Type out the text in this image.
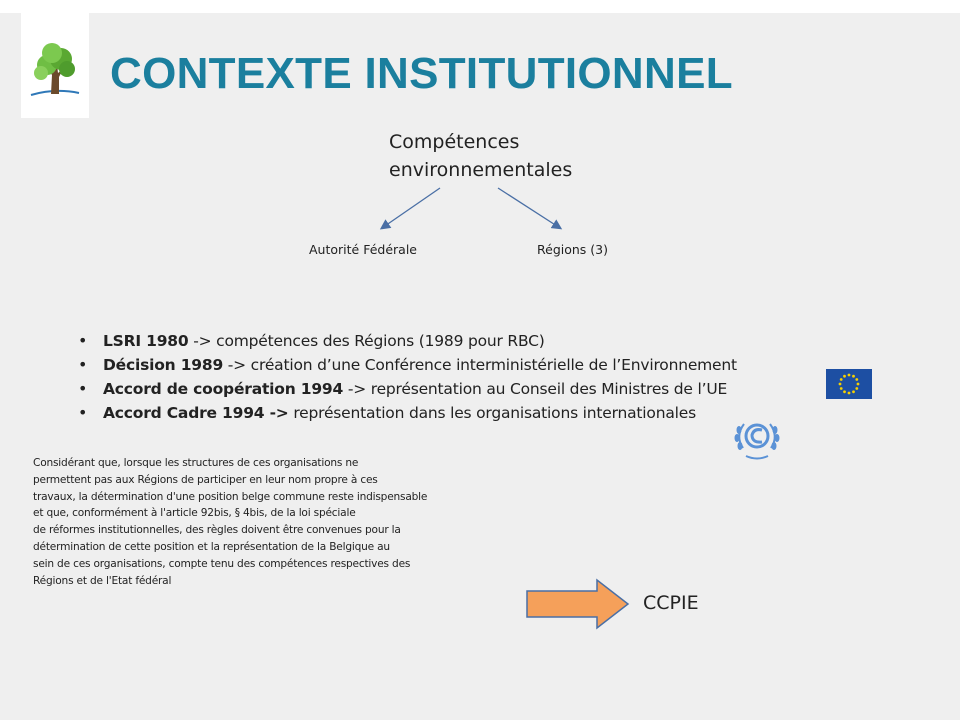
CONTEXTE INSTITUTIONNEL
Compétences
environnementales
Autorité Fédérale	Régions (3)
• LSRI 1980 -> compétences des Régions (1989 pour RBC)
• Décision 1989 -> création d’une Conférence interministérielle de l’Environnement
• Accord de coopération 1994 -> représentation au Conseil des Ministres de l’UE
• Accord Cadre 1994 -> représentation dans les organisations internationales
Considérant que, lorsque les structures de ces organisations ne
permettent pas aux Régions de participer en leur nom propre à ces
travaux, la détermination d'une position belge commune reste indispensable
et que, conformément à l'article 92bis, § 4bis, de la loi spéciale
de réformes institutionnelles, des règles doivent être convenues pour la
détermination de cette position et la représentation de la Belgique au
sein de ces organisations, compte tenu des compétences respectives des
Régions et de l'Etat fédéral
CCPIE
